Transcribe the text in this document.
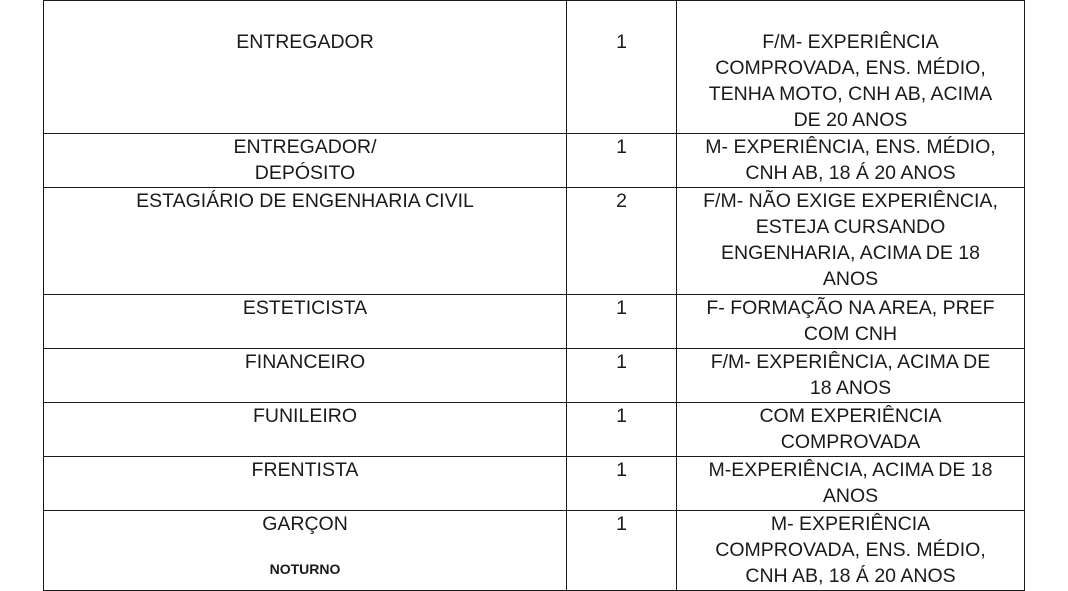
ENTREGADOR	1	F/M- EXPERIÊNCIA
COMPROVADA, ENS. MÉDIO,
TENHA MOTO, CNH AB, ACIMA
DE 20 ANOS

ENTREGADOR/
DEPÓSITO	1	M- EXPERIÊNCIA, ENS. MÉDIO,
CNH AB, 18 Á 20 ANOS

ESTAGIÁRIO DE ENGENHARIA CIVIL	2	F/M- NÃO EXIGE EXPERIÊNCIA,
ESTEJA CURSANDO
ENGENHARIA, ACIMA DE 18
ANOS

ESTETICISTA	1	F- FORMAÇÃO NA AREA, PREF
COM CNH

FINANCEIRO	1	F/M- EXPERIÊNCIA, ACIMA DE
18 ANOS

FUNILEIRO	1	COM EXPERIÊNCIA
COMPROVADA

FRENTISTA	1	M-EXPERIÊNCIA, ACIMA DE 18
ANOS

GARÇON
NOTURNO	1	M- EXPERIÊNCIA
COMPROVADA, ENS. MÉDIO,
CNH AB, 18 Á 20 ANOS
